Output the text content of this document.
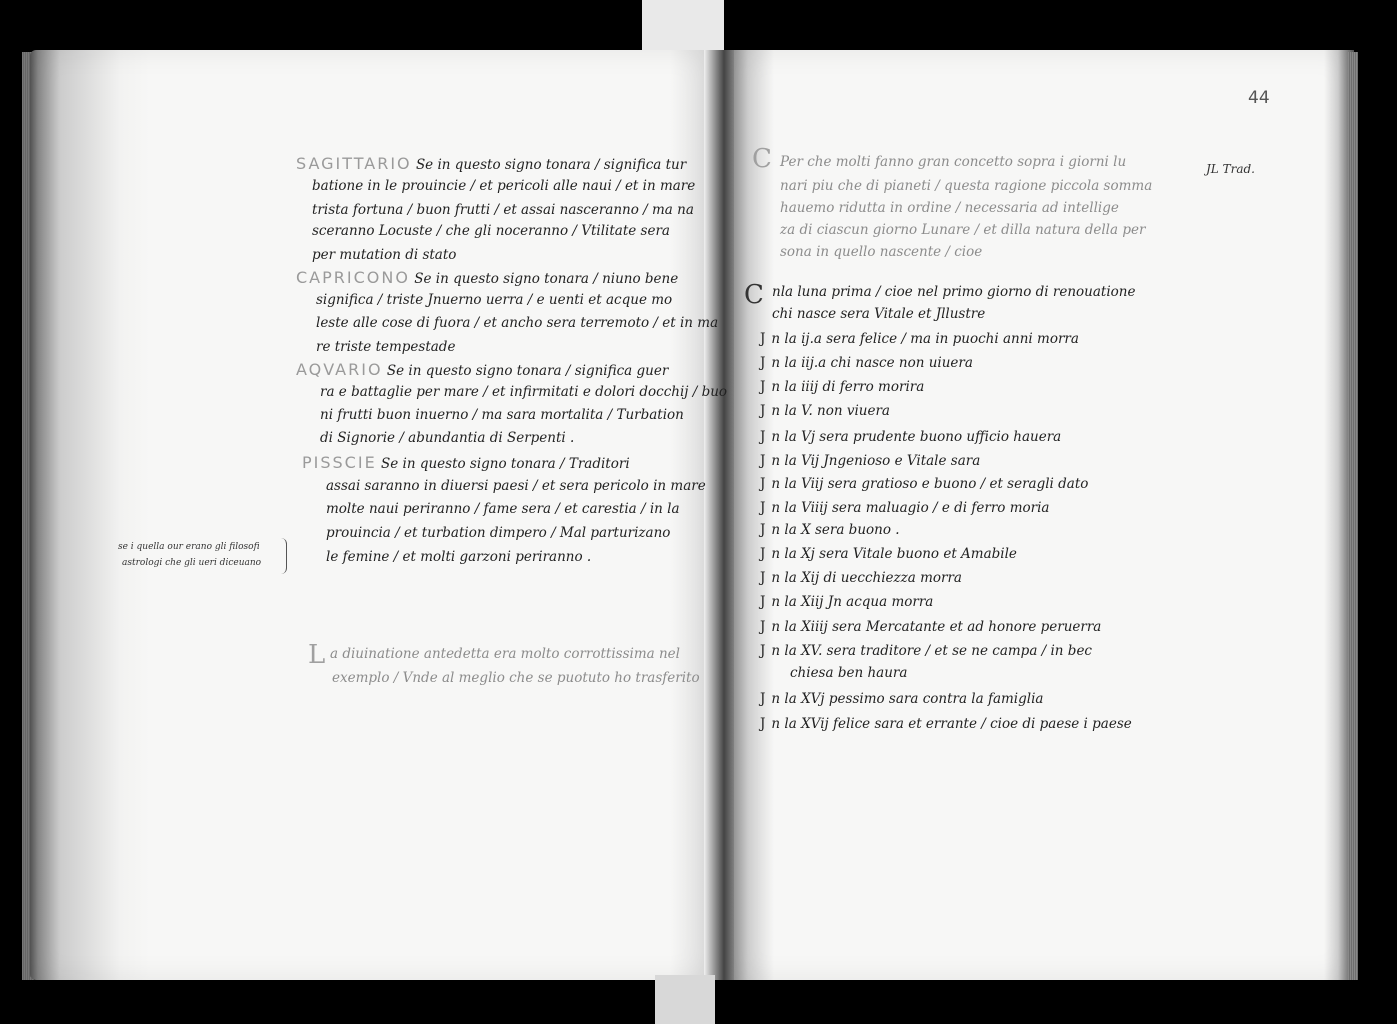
SAGITTARIO Se in questo signo tonara / significa tur
batione in le prouincie / et pericoli alle naui / et in mare
trista fortuna / buon frutti / et assai nasceranno / ma na
sceranno Locuste / che gli noceranno / Vtilitate sera
per mutation di stato
CAPRICONO Se in questo signo tonara / niuno bene
significa / triste Jnuerno uerra / e uenti et acque mo
leste alle cose di fuora / et ancho sera terremoto / et in ma
re triste tempestade
AQVARIO Se in questo signo tonara / significa guer
ra e battaglie per mare / et infirmitati e dolori docchij / buo
ni frutti buon inuerno / ma sara mortalita / Turbation
di Signorie / abundantia di Serpenti .
PISSCIE Se in questo signo tonara / Traditori
assai saranno in diuersi paesi / et sera pericolo in mare
molte naui periranno / fame sera / et carestia / in la
prouincia / et turbation dimpero / Mal parturizano
le femine / et molti garzoni periranno .
se i quella our erano gli filosofi
astrologi che gli ueri diceuano
L a diuinatione antedetta era molto corrottissima nel
exemplo / Vnde al meglio che se puotuto ho trasferito
44
JL Trad.
C Per che molti fanno gran concetto sopra i giorni lu
nari piu che di pianeti / questa ragione piccola somma
hauemo ridutta in ordine / necessaria ad intellige
za di ciascun giorno Lunare / et dilla natura della per
sona in quello nascente / cioe
C nla luna prima / cioe nel primo giorno di renouatione
chi nasce sera Vitale et Jllustre
J n la ij.a sera felice / ma in puochi anni morra
J n la iij.a chi nasce non uiuera
J n la iiij di ferro morira
J n la V. non viuera
J n la Vj sera prudente buono ufficio hauera
J n la Vij Jngenioso e Vitale sara
J n la Viij sera gratioso e buono / et seragli dato
J n la Viiij sera maluagio / e di ferro moria
J n la X sera buono .
J n la Xj sera Vitale buono et Amabile
J n la Xij di uecchiezza morra
J n la Xiij Jn acqua morra
J n la Xiiij sera Mercatante et ad honore peruerra
J n la XV. sera traditore / et se ne campa / in bec
chiesa ben haura
J n la XVj pessimo sara contra la famiglia
J n la XVij felice sara et errante / cioe di paese i paese
